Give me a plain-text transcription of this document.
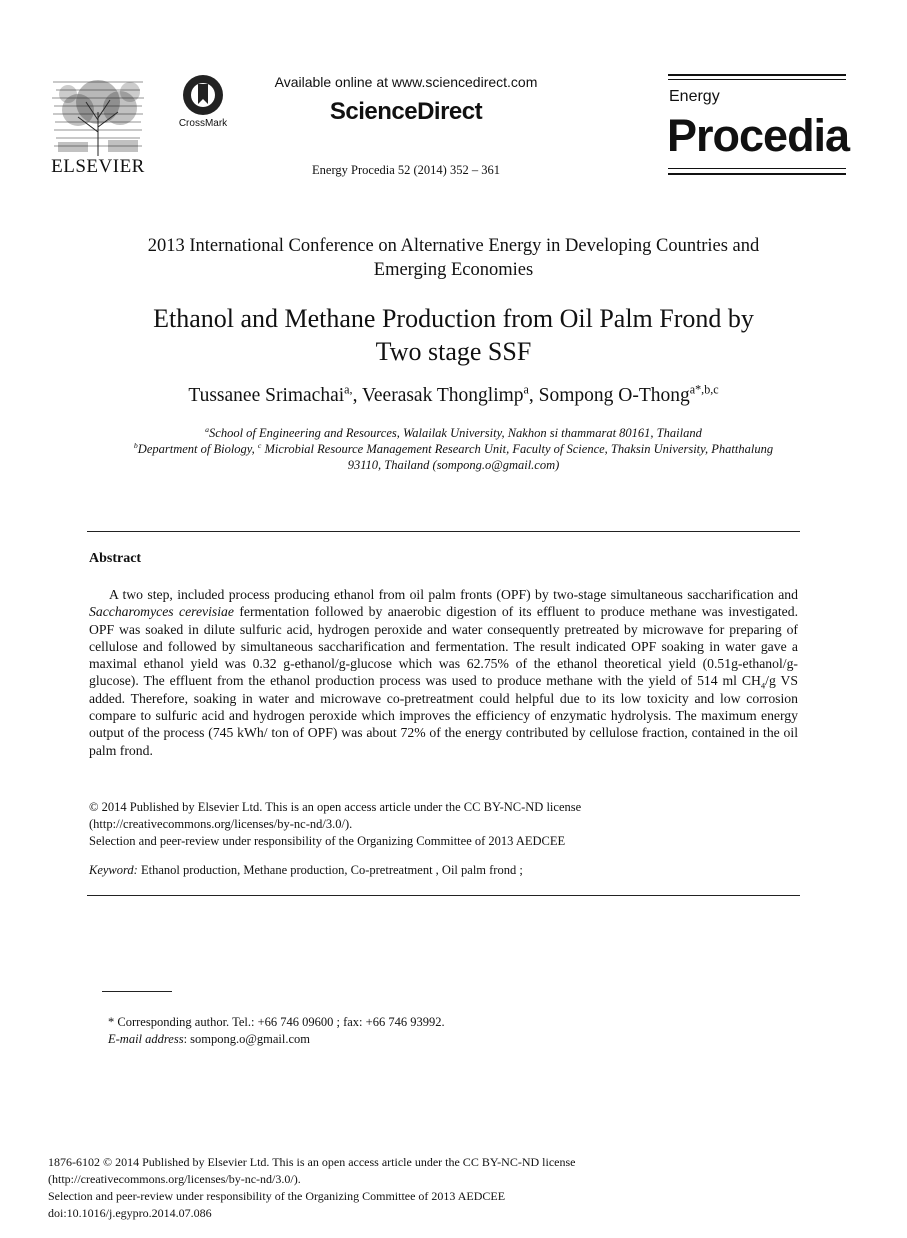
ELSEVIER
CrossMark
Available online at www.sciencedirect.com
ScienceDirect
Energy Procedia 52 (2014) 352 – 361
Energy
Procedia
2013 International Conference on Alternative Energy in Developing Countries and
Emerging Economies
Ethanol and Methane Production from Oil Palm Frond by
Two stage SSF
Tussanee Srimachai$^{a,}$, Veerasak Thonglimp$^a$, Sompong O-Thong$^{a*,b,c}$
$^a$School of Engineering and Resources, Walailak University, Nakhon si thammarat 80161, Thailand
$^b$Department of Biology, $^c$ Microbial Resource Management Research Unit, Faculty of Science, Thaksin University, Phatthalung
93110, Thailand (sompong.o@gmail.com)
Abstract
A two step, included process producing ethanol from oil palm fronts (OPF) by two-stage simultaneous saccharification and Saccharomyces cerevisiae fermentation followed by anaerobic digestion of its effluent to produce methane was investigated. OPF was soaked in dilute sulfuric acid, hydrogen peroxide and water consequently pretreated by microwave for preparing of cellulose and followed by simultaneous saccharification and fermentation. The result indicated OPF soaking in water gave a maximal ethanol yield was 0.32 g-ethanol/g-glucose which was 62.75% of the ethanol theoretical yield (0.51g-ethanol/g-glucose). The effluent from the ethanol production process was used to produce methane with the yield of 514 ml $CH_4/g$ VS added. Therefore, soaking in water and microwave co-pretreatment could helpful due to its low toxicity and low corrosion compare to sulfuric acid and hydrogen peroxide which improves the efficiency of enzymatic hydrolysis. The maximum energy output of the process (745 kWh/ ton of OPF) was about 72% of the energy contributed by cellulose fraction, contained in the oil palm frond.
© 2014 Published by Elsevier Ltd. This is an open access article under the CC BY-NC-ND license
(http://creativecommons.org/licenses/by-nc-nd/3.0/).
Selection and peer-review under responsibility of the Organizing Committee of 2013 AEDCEE
Keyword: Ethanol production, Methane production, Co-pretreatment , Oil palm frond ;
* Corresponding author. Tel.: +66 746 09600 ; fax: +66 746 93992.
E-mail address: sompong.o@gmail.com
1876-6102 © 2014 Published by Elsevier Ltd. This is an open access article under the CC BY-NC-ND license
(http://creativecommons.org/licenses/by-nc-nd/3.0/).
Selection and peer-review under responsibility of the Organizing Committee of 2013 AEDCEE
doi:10.1016/j.egypro.2014.07.086
